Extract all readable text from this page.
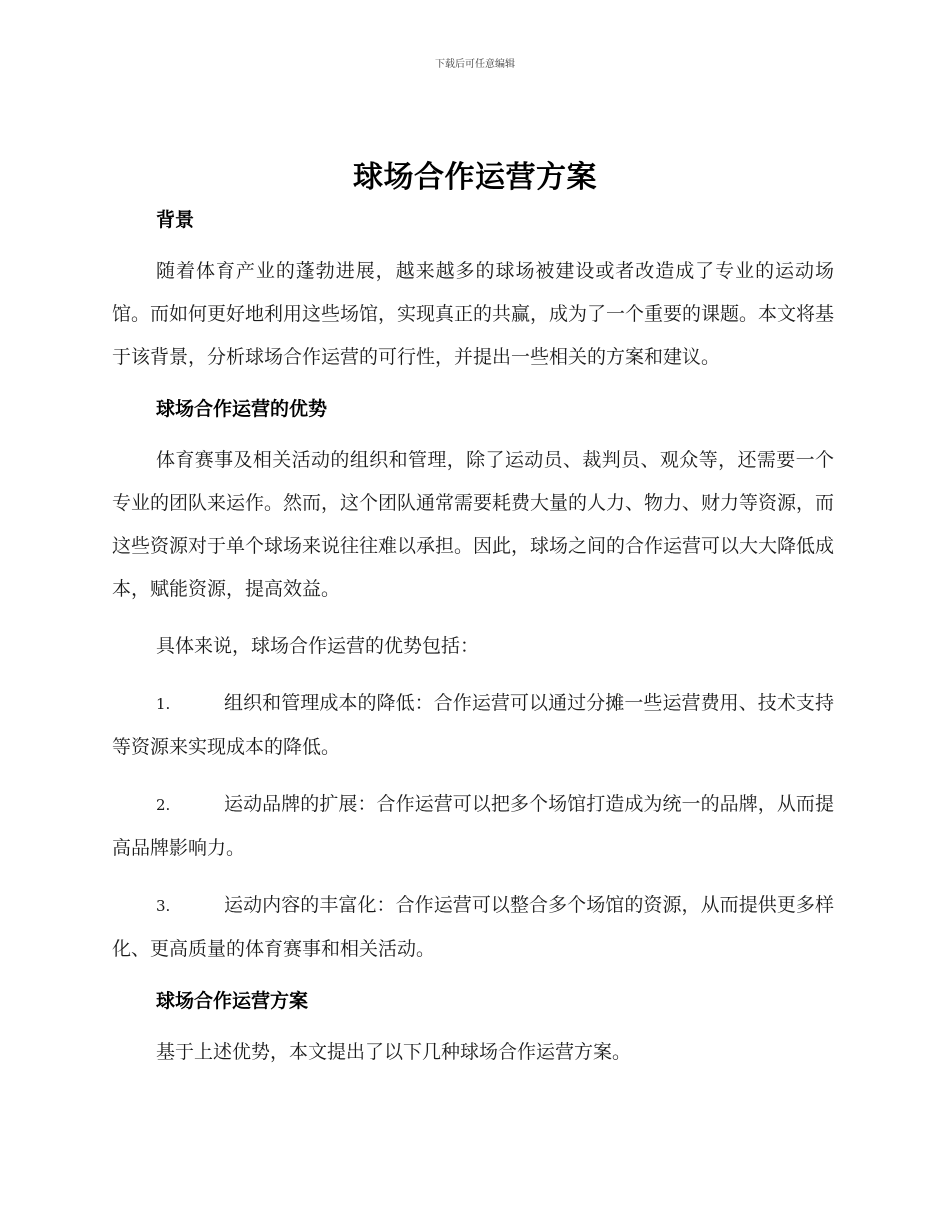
下载后可任意编辑
球场合作运营方案
背景

随着体育产业的蓬勃进展，越来越多的球场被建设或者改造成了专业的运动场馆。而如何更好地利用这些场馆，实现真正的共赢，成为了一个重要的课题。本文将基于该背景，分析球场合作运营的可行性，并提出一些相关的方案和建议。

球场合作运营的优势

体育赛事及相关活动的组织和管理，除了运动员、裁判员、观众等，还需要一个专业的团队来运作。然而，这个团队通常需要耗费大量的人力、物力、财力等资源，而这些资源对于单个球场来说往往难以承担。因此，球场之间的合作运营可以大大降低成本，赋能资源，提高效益。

具体来说，球场合作运营的优势包括：

1.	组织和管理成本的降低：合作运营可以通过分摊一些运营费用、技术支持等资源来实现成本的降低。

2.	运动品牌的扩展：合作运营可以把多个场馆打造成为统一的品牌，从而提高品牌影响力。

3.	运动内容的丰富化：合作运营可以整合多个场馆的资源，从而提供更多样化、更高质量的体育赛事和相关活动。

球场合作运营方案

基于上述优势，本文提出了以下几种球场合作运营方案。
